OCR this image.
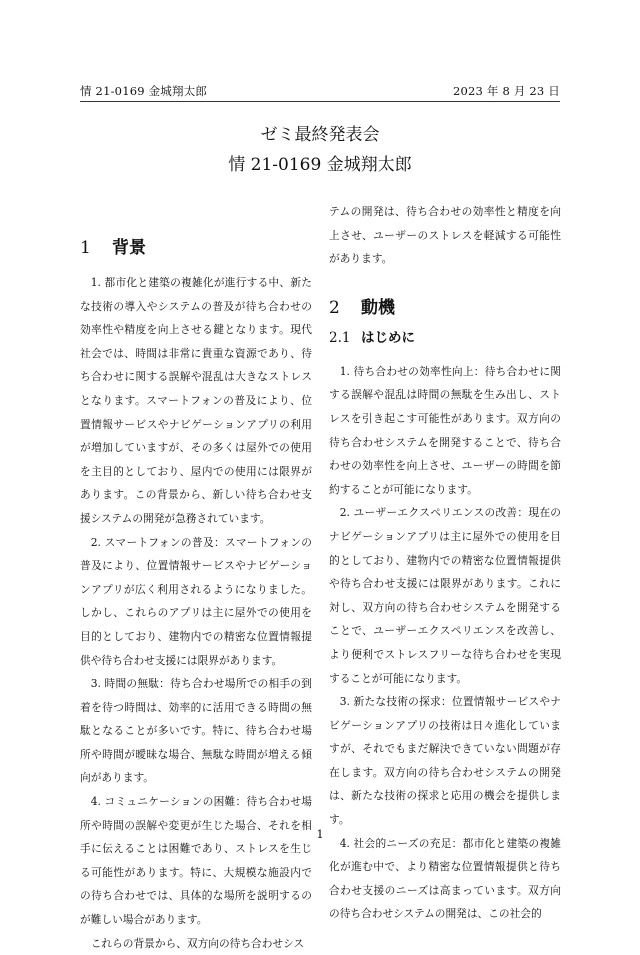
情 21-0169 金城翔太郎	2023 年 8 月 23 日
ゼミ最終発表会
情 21-0169 金城翔太郎
1 背景

1. 都市化と建築の複雑化が進行する中、新たな技術の導入やシステムの普及が待ち合わせの効率性や精度を向上させる鍵となります。現代社会では、時間は非常に貴重な資源であり、待ち合わせに関する誤解や混乱は大きなストレスとなります。スマートフォンの普及により、位置情報サービスやナビゲーションアプリの利用が増加していますが、その多くは屋外での使用を主目的としており、屋内での使用には限界があります。この背景から、新しい待ち合わせ支援システムの開発が急務されています。

2. スマートフォンの普及：スマートフォンの普及により、位置情報サービスやナビゲーションアプリが広く利用されるようになりました。しかし、これらのアプリは主に屋外での使用を目的としており、建物内での精密な位置情報提供や待ち合わせ支援には限界があります。

3. 時間の無駄：待ち合わせ場所での相手の到着を待つ時間は、効率的に活用できる時間の無駄となることが多いです。特に、待ち合わせ場所や時間が曖昧な場合、無駄な時間が増える傾向があります。

4. コミュニケーションの困難：待ち合わせ場所や時間の誤解や変更が生じた場合、それを相手に伝えることは困難であり、ストレスを生じる可能性があります。特に、大規模な施設内での待ち合わせでは、具体的な場所を説明するのが難しい場合があります。

これらの背景から、双方向の待ち合わせシス

テムの開発は、待ち合わせの効率性と精度を向上させ、ユーザーのストレスを軽減する可能性があります。

2 動機
2.1 はじめに

1. 待ち合わせの効率性向上：待ち合わせに関する誤解や混乱は時間の無駄を生み出し、ストレスを引き起こす可能性があります。双方向の待ち合わせシステムを開発することで、待ち合わせの効率性を向上させ、ユーザーの時間を節約することが可能になります。

2. ユーザーエクスペリエンスの改善：現在のナビゲーションアプリは主に屋外での使用を目的としており、建物内での精密な位置情報提供や待ち合わせ支援には限界があります。これに対し、双方向の待ち合わせシステムを開発することで、ユーザーエクスペリエンスを改善し、より便利でストレスフリーな待ち合わせを実現することが可能になります。

3. 新たな技術の探求：位置情報サービスやナビゲーションアプリの技術は日々進化していますが、それでもまだ解決できていない問題が存在します。双方向の待ち合わせシステムの開発は、新たな技術の探求と応用の機会を提供します。

4. 社会的ニーズの充足：都市化と建築の複雑化が進む中で、より精密な位置情報提供と待ち合わせ支援のニーズは高まっています。双方向の待ち合わせシステムの開発は、この社会的

1
